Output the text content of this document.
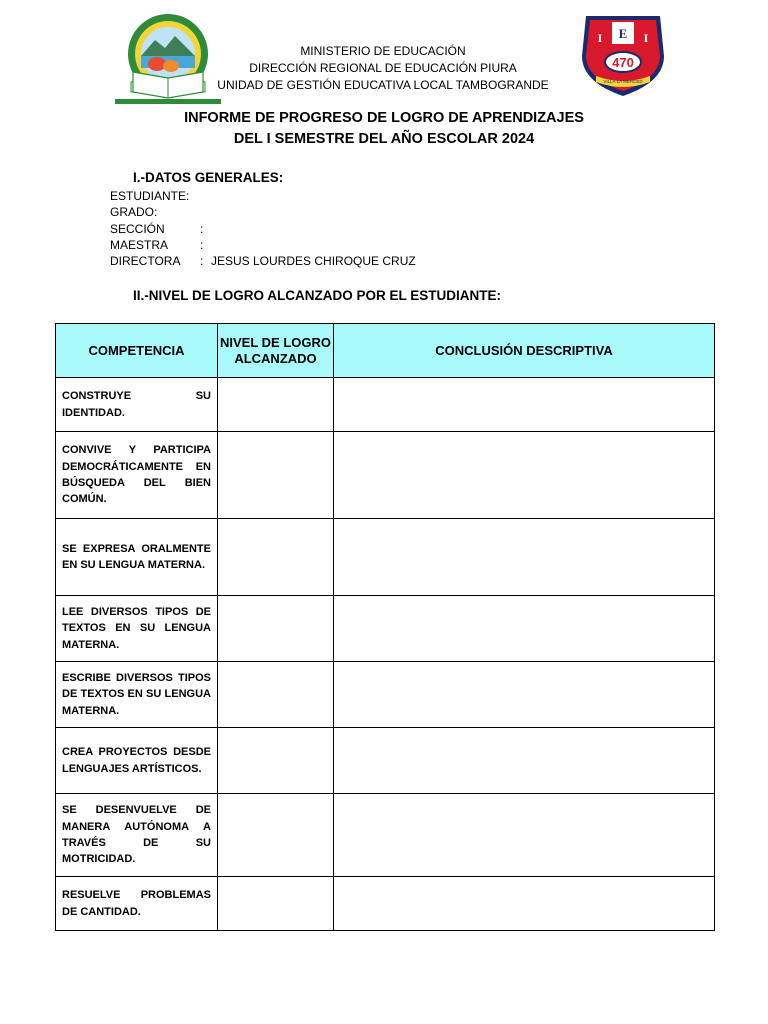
E
I	I
470
VILLA LA MERCED
MINISTERIO DE EDUCACIÓN
DIRECCIÓN REGIONAL DE EDUCACIÓN PIURA
UNIDAD DE GESTIÓN EDUCATIVA LOCAL TAMBOGRANDE
INFORME DE PROGRESO DE LOGRO DE APRENDIZAJES
DEL I SEMESTRE DEL AÑO ESCOLAR 2024
I.-DATOS GENERALES:
ESTUDIANTE:
GRADO:
SECCIÓN	:
MAESTRA	:
DIRECTORA	: JESUS LOURDES CHIROQUE CRUZ
II.-NIVEL DE LOGRO ALCANZADO POR EL ESTUDIANTE:
COMPETENCIA	NIVEL DE LOGRO ALCANZADO	CONCLUSIÓN DESCRIPTIVA
CONSTRUYE SU IDENTIDAD.		
CONVIVE Y PARTICIPA DEMOCRÁTICAMENTE EN BÚSQUEDA DEL BIEN COMÚN.		
SE EXPRESA ORALMENTE EN SU LENGUA MATERNA.		
LEE DIVERSOS TIPOS DE TEXTOS EN SU LENGUA MATERNA.		
ESCRIBE DIVERSOS TIPOS DE TEXTOS EN SU LENGUA MATERNA.		
CREA PROYECTOS DESDE LENGUAJES ARTÍSTICOS.		
SE DESENVUELVE DE MANERA AUTÓNOMA A TRAVÉS DE SU MOTRICIDAD.		
RESUELVE PROBLEMAS DE CANTIDAD.		
